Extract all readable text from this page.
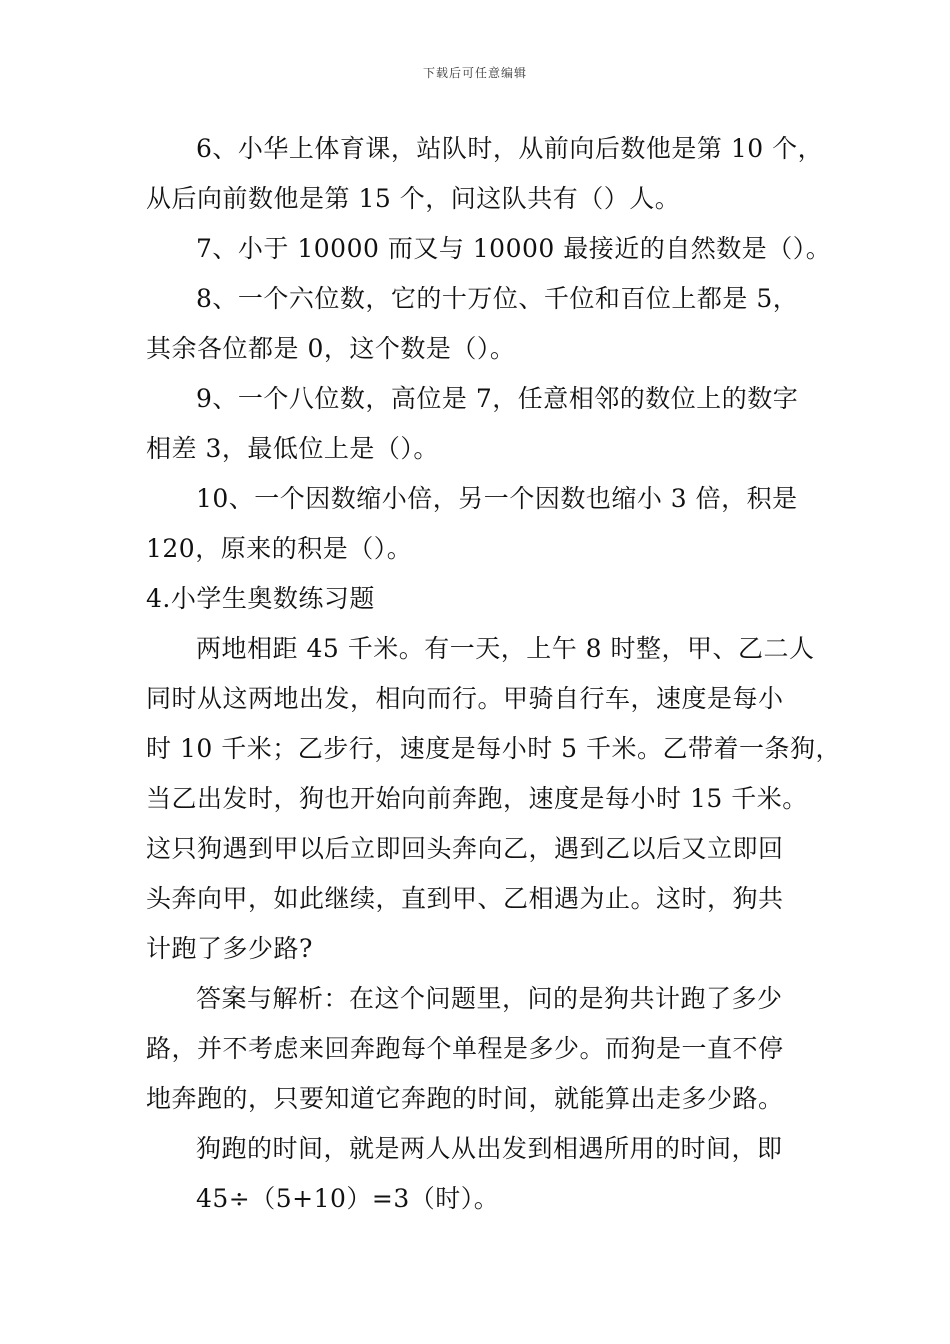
下载后可任意编辑
6、小华上体育课，站队时，从前向后数他是第 10 个，
从后向前数他是第 15 个，问这队共有（）人。
7、小于 10000 而又与 10000 最接近的自然数是（）。
8、一个六位数，它的十万位、千位和百位上都是 5，
其余各位都是 0，这个数是（）。
9、一个八位数，高位是 7，任意相邻的数位上的数字
相差 3，最低位上是（）。
10、一个因数缩小倍，另一个因数也缩小 3 倍，积是
120，原来的积是（）。
4.小学生奥数练习题
两地相距 45 千米。有一天，上午 8 时整，甲、乙二人
同时从这两地出发，相向而行。甲骑自行车，速度是每小
时 10 千米；乙步行，速度是每小时 5 千米。乙带着一条狗，
当乙出发时，狗也开始向前奔跑，速度是每小时 15 千米。
这只狗遇到甲以后立即回头奔向乙，遇到乙以后又立即回
头奔向甲，如此继续，直到甲、乙相遇为止。这时，狗共
计跑了多少路?
答案与解析：在这个问题里，问的是狗共计跑了多少
路，并不考虑来回奔跑每个单程是多少。而狗是一直不停
地奔跑的，只要知道它奔跑的时间，就能算出走多少路。
狗跑的时间，就是两人从出发到相遇所用的时间，即
45÷（5+10）=3（时）。
